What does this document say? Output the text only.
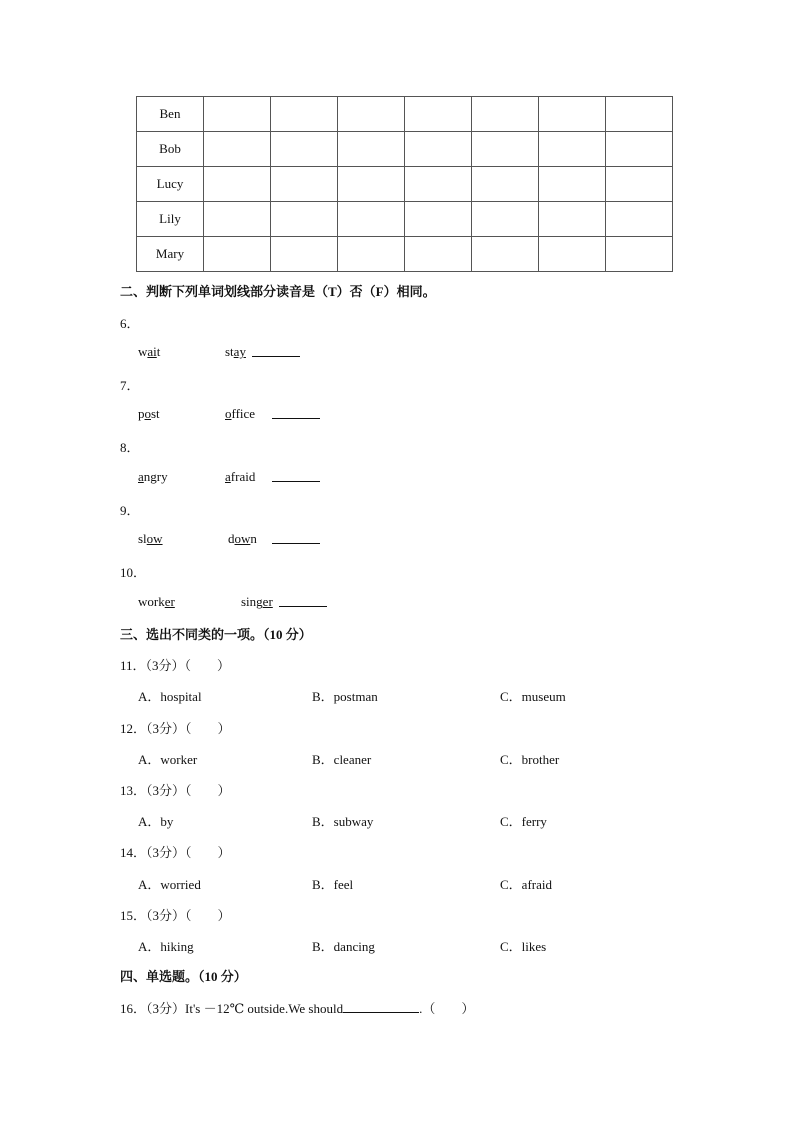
Ben							
Bob							
Lucy							
Lily							
Mary							
二、判断下列单词划线部分读音是（T）否（F）相同。
6．
wait	stay
7．
post	office
8．
angry	afraid
9．
slow	down
10．
worker	singer
三、选出不同类的一项。（10 分）
11．（3分）（　　）
A．hospital	B．postman	C．museum
12．（3分）（　　）
A．worker	B．cleaner	C．brother
13．（3分）（　　）
A．by	B．subway	C．ferry
14．（3分）（　　）
A．worried	B．feel	C．afraid
15．（3分）（　　）
A．hiking	B．dancing	C．likes
四、单选题。（10 分）
16．（3分）It's －12℃ outside.We should	.（　　）
